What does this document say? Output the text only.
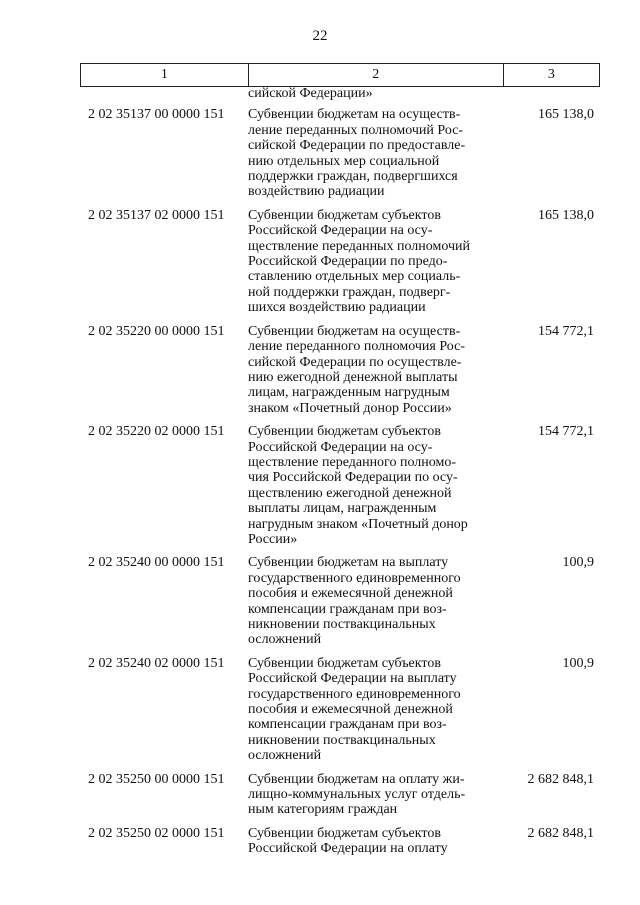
22
1	2	3
сийской Федерации»
2 02 35137 00 0000 151	Субвенции бюджетам на осуществ-
ление переданных полномочий Рос-
сийской Федерации по предоставле-
нию отдельных мер социальной
поддержки граждан, подвергшихся
воздействию радиации
165 138,0
2 02 35137 02 0000 151	Субвенции бюджетам субъектов
Российской Федерации на осу-
ществление переданных полномочий
Российской Федерации по предо-
ставлению отдельных мер социаль-
ной поддержки граждан, подверг-
шихся воздействию радиации
165 138,0
2 02 35220 00 0000 151	Субвенции бюджетам на осуществ-
ление переданного полномочия Рос-
сийской Федерации по осуществле-
нию ежегодной денежной выплаты
лицам, награжденным нагрудным
знаком «Почетный донор России»
154 772,1
2 02 35220 02 0000 151	Субвенции бюджетам субъектов
Российской Федерации на осу-
ществление переданного полномо-
чия Российской Федерации по осу-
ществлению ежегодной денежной
выплаты лицам, награжденным
нагрудным знаком «Почетный донор
России»
154 772,1
2 02 35240 00 0000 151	Субвенции бюджетам на выплату
государственного единовременного
пособия и ежемесячной денежной
компенсации гражданам при воз-
никновении поствакцинальных
осложнений
100,9
2 02 35240 02 0000 151	Субвенции бюджетам субъектов
Российской Федерации на выплату
государственного единовременного
пособия и ежемесячной денежной
компенсации гражданам при воз-
никновении поствакцинальных
осложнений
100,9
2 02 35250 00 0000 151	Субвенции бюджетам на оплату жи-
лищно-коммунальных услуг отдель-
ным категориям граждан
2 682 848,1
2 02 35250 02 0000 151	Субвенции бюджетам субъектов
Российской Федерации на оплату
2 682 848,1
